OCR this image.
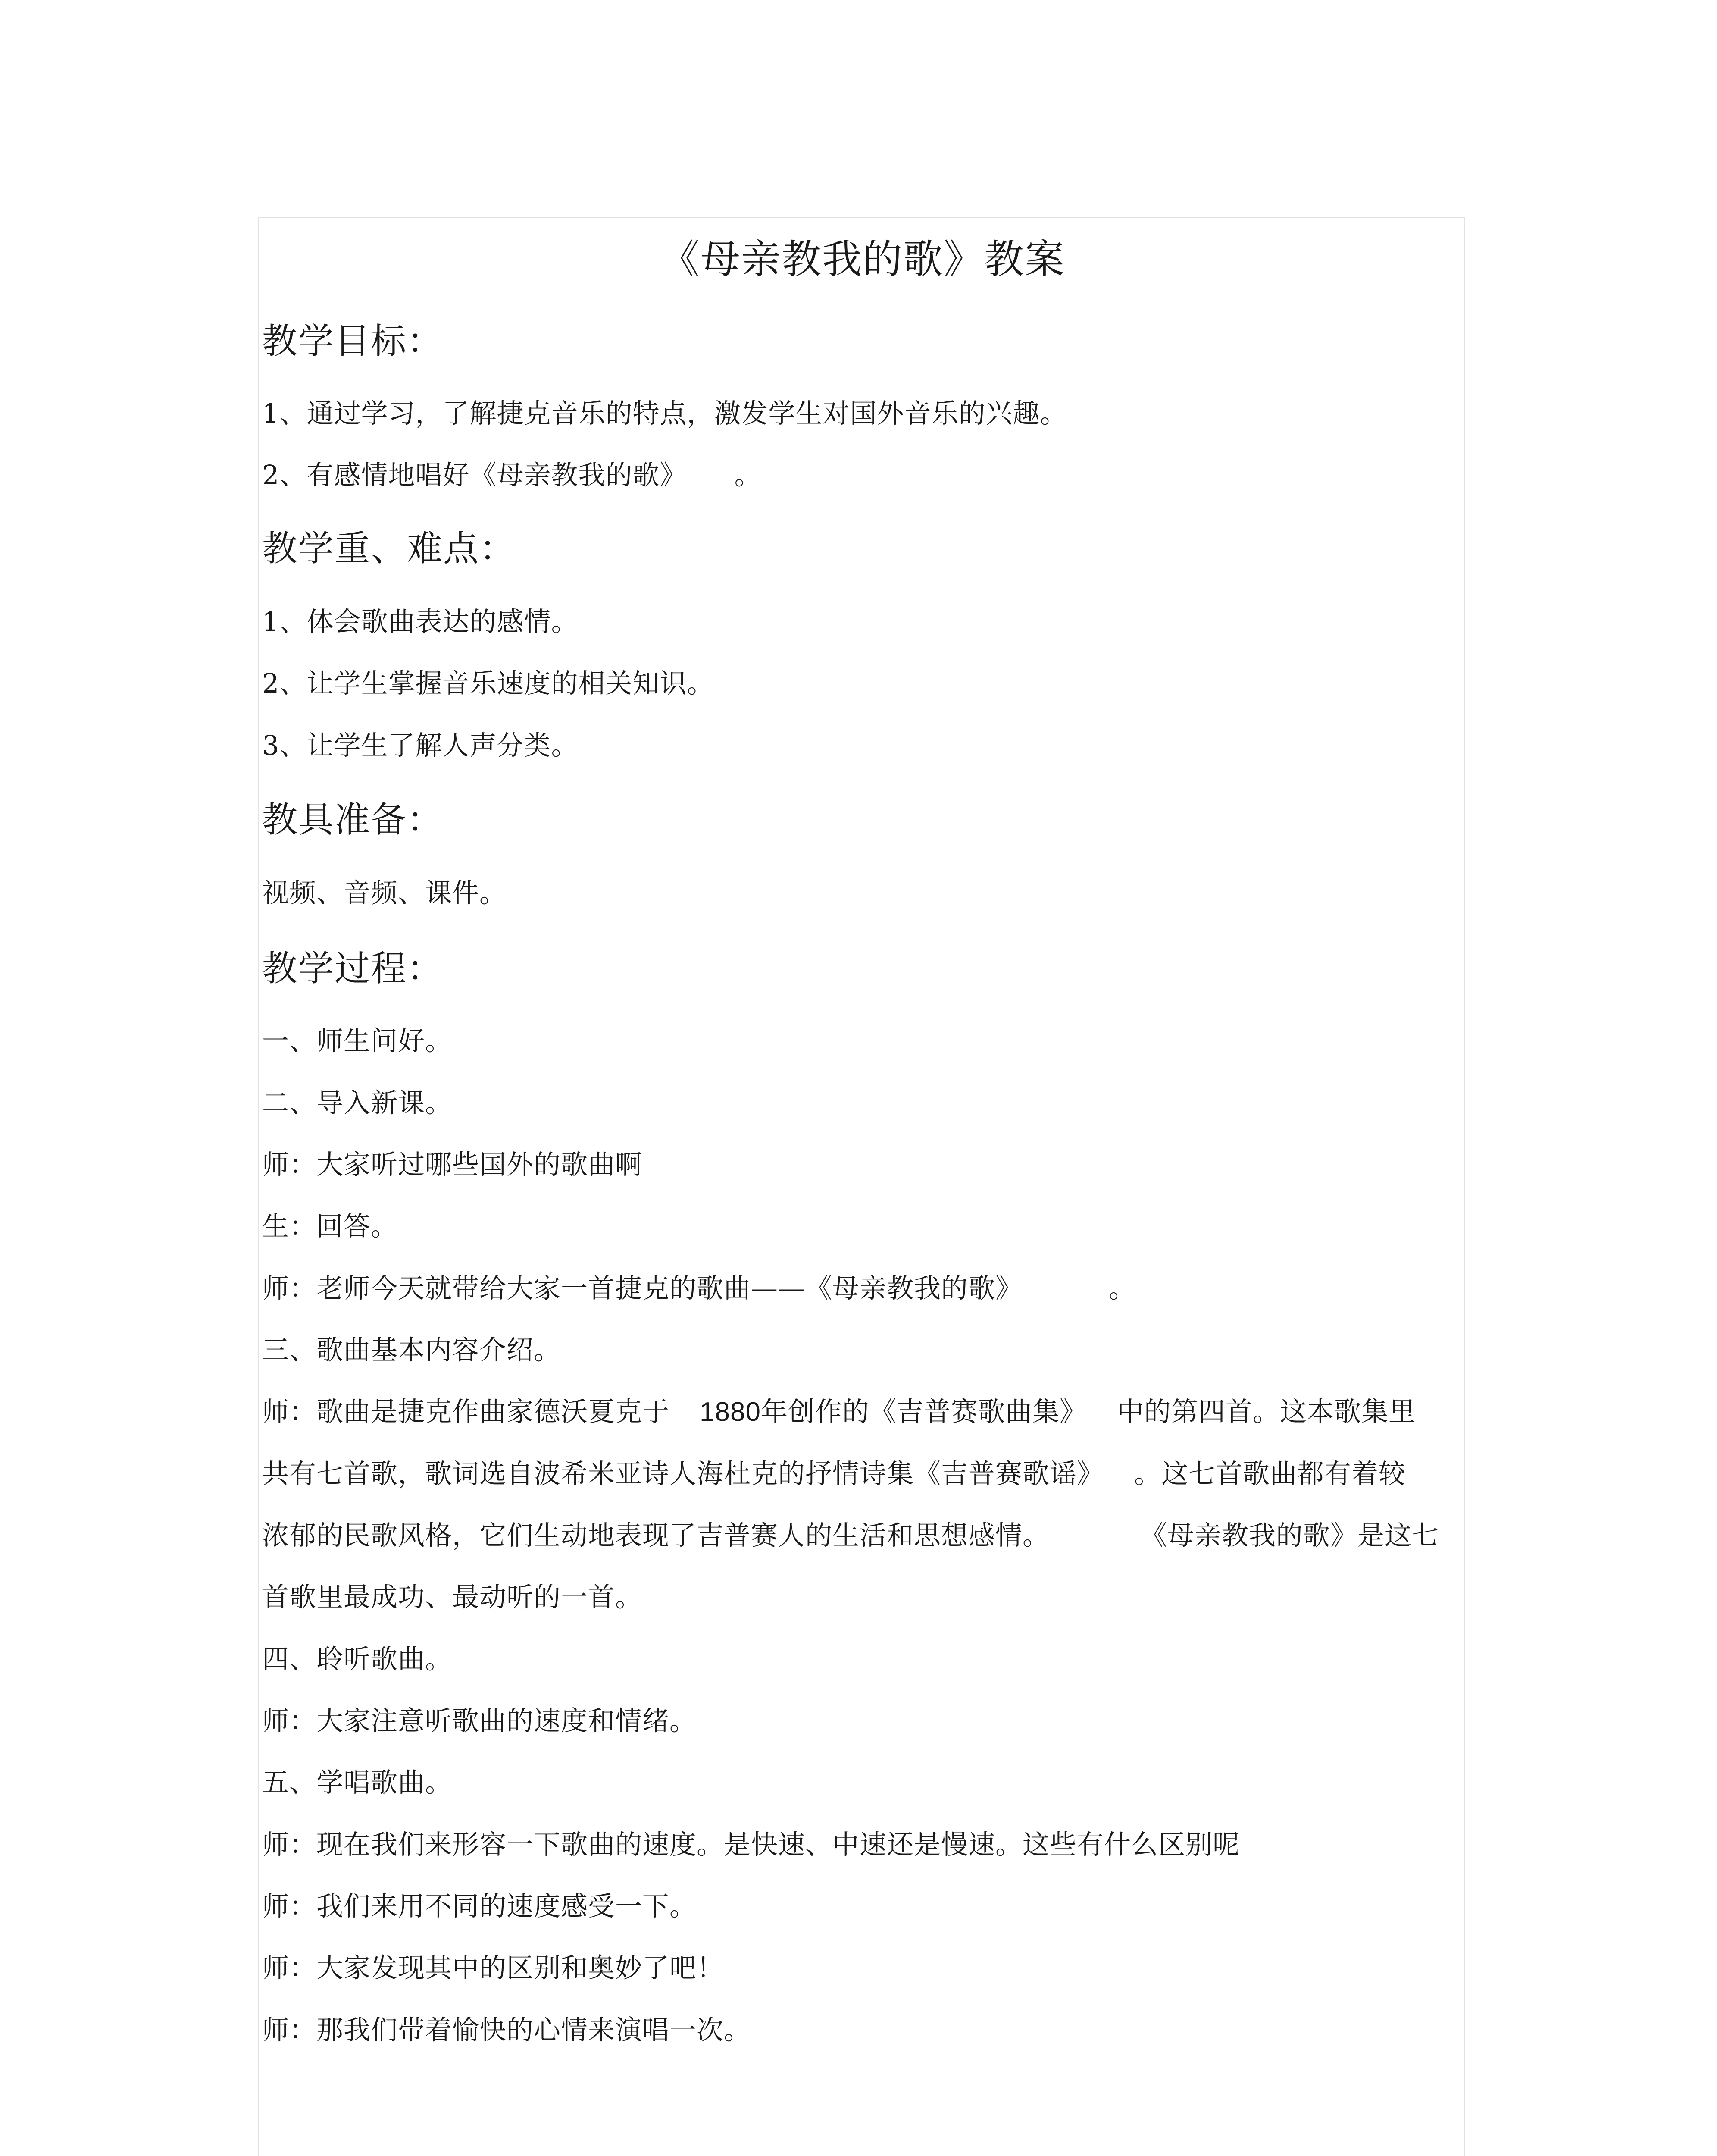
《母亲教我的歌》教案
教学目标：
1、通过学习，了解捷克音乐的特点，激发学生对国外音乐的兴趣。
2、有感情地唱好《母亲教我的歌》 。
教学重、难点：
1、体会歌曲表达的感情。
2、让学生掌握音乐速度的相关知识。
3、让学生了解人声分类。
教具准备：
视频、音频、课件。
教学过程：
一、师生问好。
二、导入新课。
师：大家听过哪些国外的歌曲啊
生：回答。
师：老师今天就带给大家一首捷克的歌曲——《母亲教我的歌》	。
三、歌曲基本内容介绍。
师：歌曲是捷克作曲家德沃夏克于 1880年创作的《吉普赛歌曲集》 中的第四首。这本歌集里
共有七首歌，歌词选自波希米亚诗人海杜克的抒情诗集《吉普赛歌谣》 。这七首歌曲都有着较
浓郁的民歌风格，它们生动地表现了吉普赛人的生活和思想感情。	《母亲教我的歌》是这七
首歌里最成功、最动听的一首。
四、聆听歌曲。
师：大家注意听歌曲的速度和情绪。
五、学唱歌曲。
师：现在我们来形容一下歌曲的速度。是快速、中速还是慢速。这些有什么区别呢
师：我们来用不同的速度感受一下。
师：大家发现其中的区别和奥妙了吧！
师：那我们带着愉快的心情来演唱一次。
